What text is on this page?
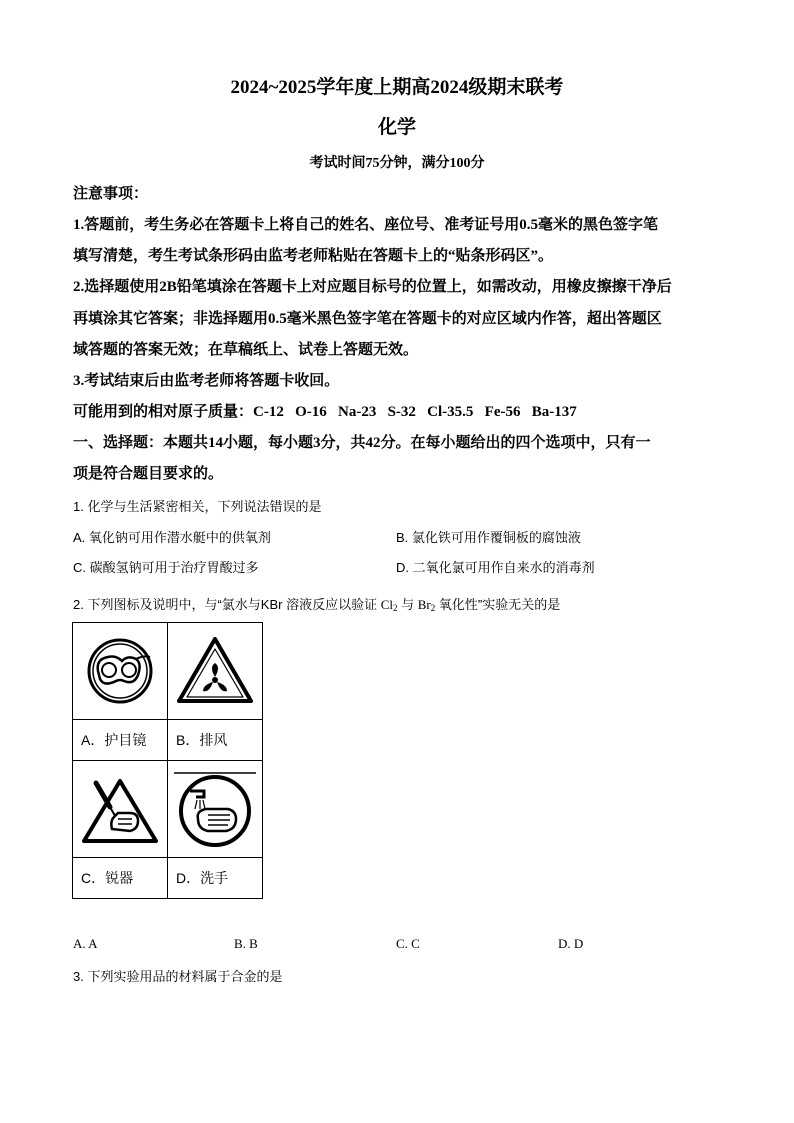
2024~2025学年度上期高2024级期末联考
化学
考试时间75分钟，满分100分
注意事项：
1.答题前，考生务必在答题卡上将自己的姓名、座位号、准考证号用0.5毫米的黑色签字笔
填写清楚，考生考试条形码由监考老师粘贴在答题卡上的“贴条形码区”。
2.选择题使用2B铅笔填涂在答题卡上对应题目标号的位置上，如需改动，用橡皮擦擦干净后
再填涂其它答案；非选择题用0.5毫米黑色签字笔在答题卡的对应区域内作答，超出答题区
域答题的答案无效；在草稿纸上、试卷上答题无效。
3.考试结束后由监考老师将答题卡收回。
可能用到的相对原子质量：C-12   O-16   Na-23   S-32   Cl-35.5   Fe-56   Ba-137
一、选择题：本题共14小题，每小题3分，共42分。在每小题给出的四个选项中，只有一
项是符合题目要求的。
1. 化学与生活紧密相关，下列说法错误的是
A. 氧化钠可用作潜水艇中的供氧剂	B. 氯化铁可用作覆铜板的腐蚀液
C. 碳酸氢钠可用于治疗胃酸过多	D. 二氧化氯可用作自来水的消毒剂
2. 下列图标及说明中，与“氯水与KBr 溶液反应以验证 $Cl_2$ 与 $Br_2$ 氧化性”实验无关的是

A．护目镜	B．排风

C．锐器	D．洗手
A. A	B. B	C. C	D. D
3. 下列实验用品的材料属于合金的是
